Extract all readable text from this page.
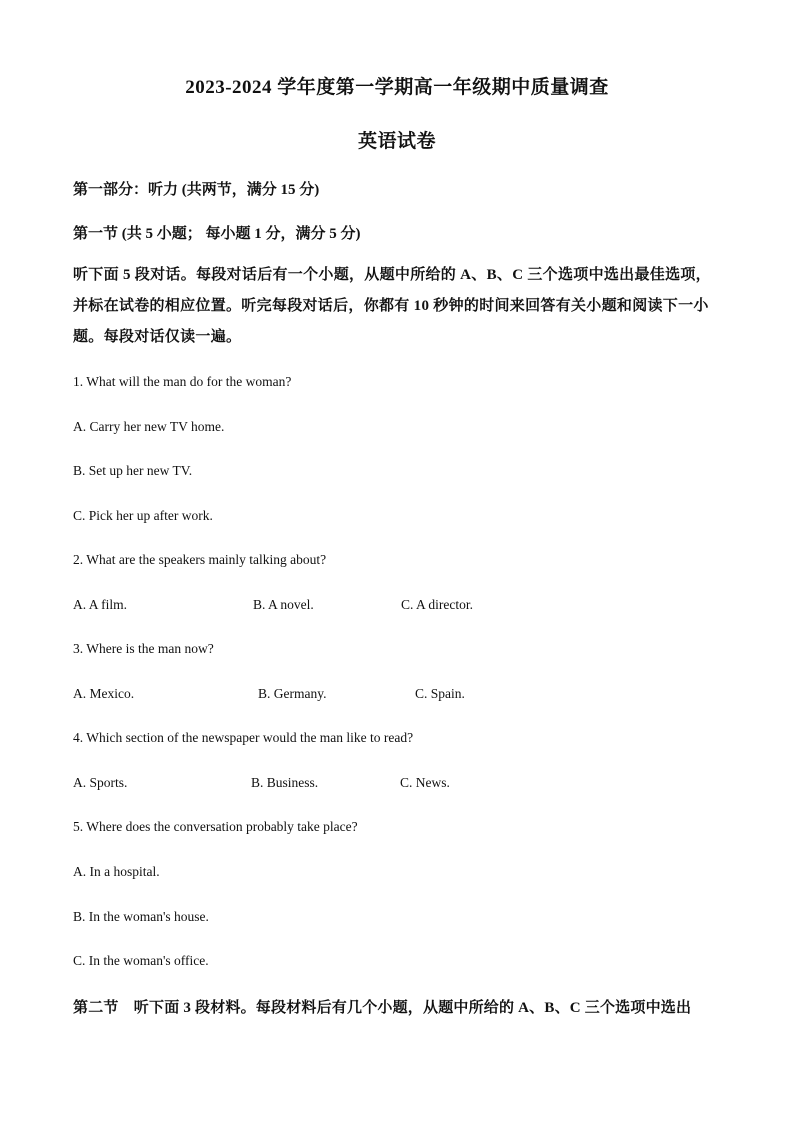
2023-2024 学年度第一学期高一年级期中质量调查
英语试卷
第一部分：听力 (共两节，满分 15 分)
第一节 (共 5 小题； 每小题 1 分，满分 5 分)
听下面 5 段对话。每段对话后有一个小题，从题中所给的 A、B、C 三个选项中选出最佳选项，并标在试卷的相应位置。听完每段对话后，你都有 10 秒钟的时间来回答有关小题和阅读下一小题。每段对话仅读一遍。
1. What will the man do for the woman?
A. Carry her new TV home.
B. Set up her new TV.
C. Pick her up after work.
2. What are the speakers mainly talking about?
A. A film.	B. A novel.	C. A director.
3. Where is the man now?
A. Mexico.	B. Germany.	C. Spain.
4. Which section of the newspaper would the man like to read?
A. Sports.	B. Business.	C. News.
5. Where does the conversation probably take place?
A. In a hospital.
B. In the woman's house.
C. In the woman's office.
第二节　听下面 3 段材料。每段材料后有几个小题，从题中所给的 A、B、C 三个选项中选出
